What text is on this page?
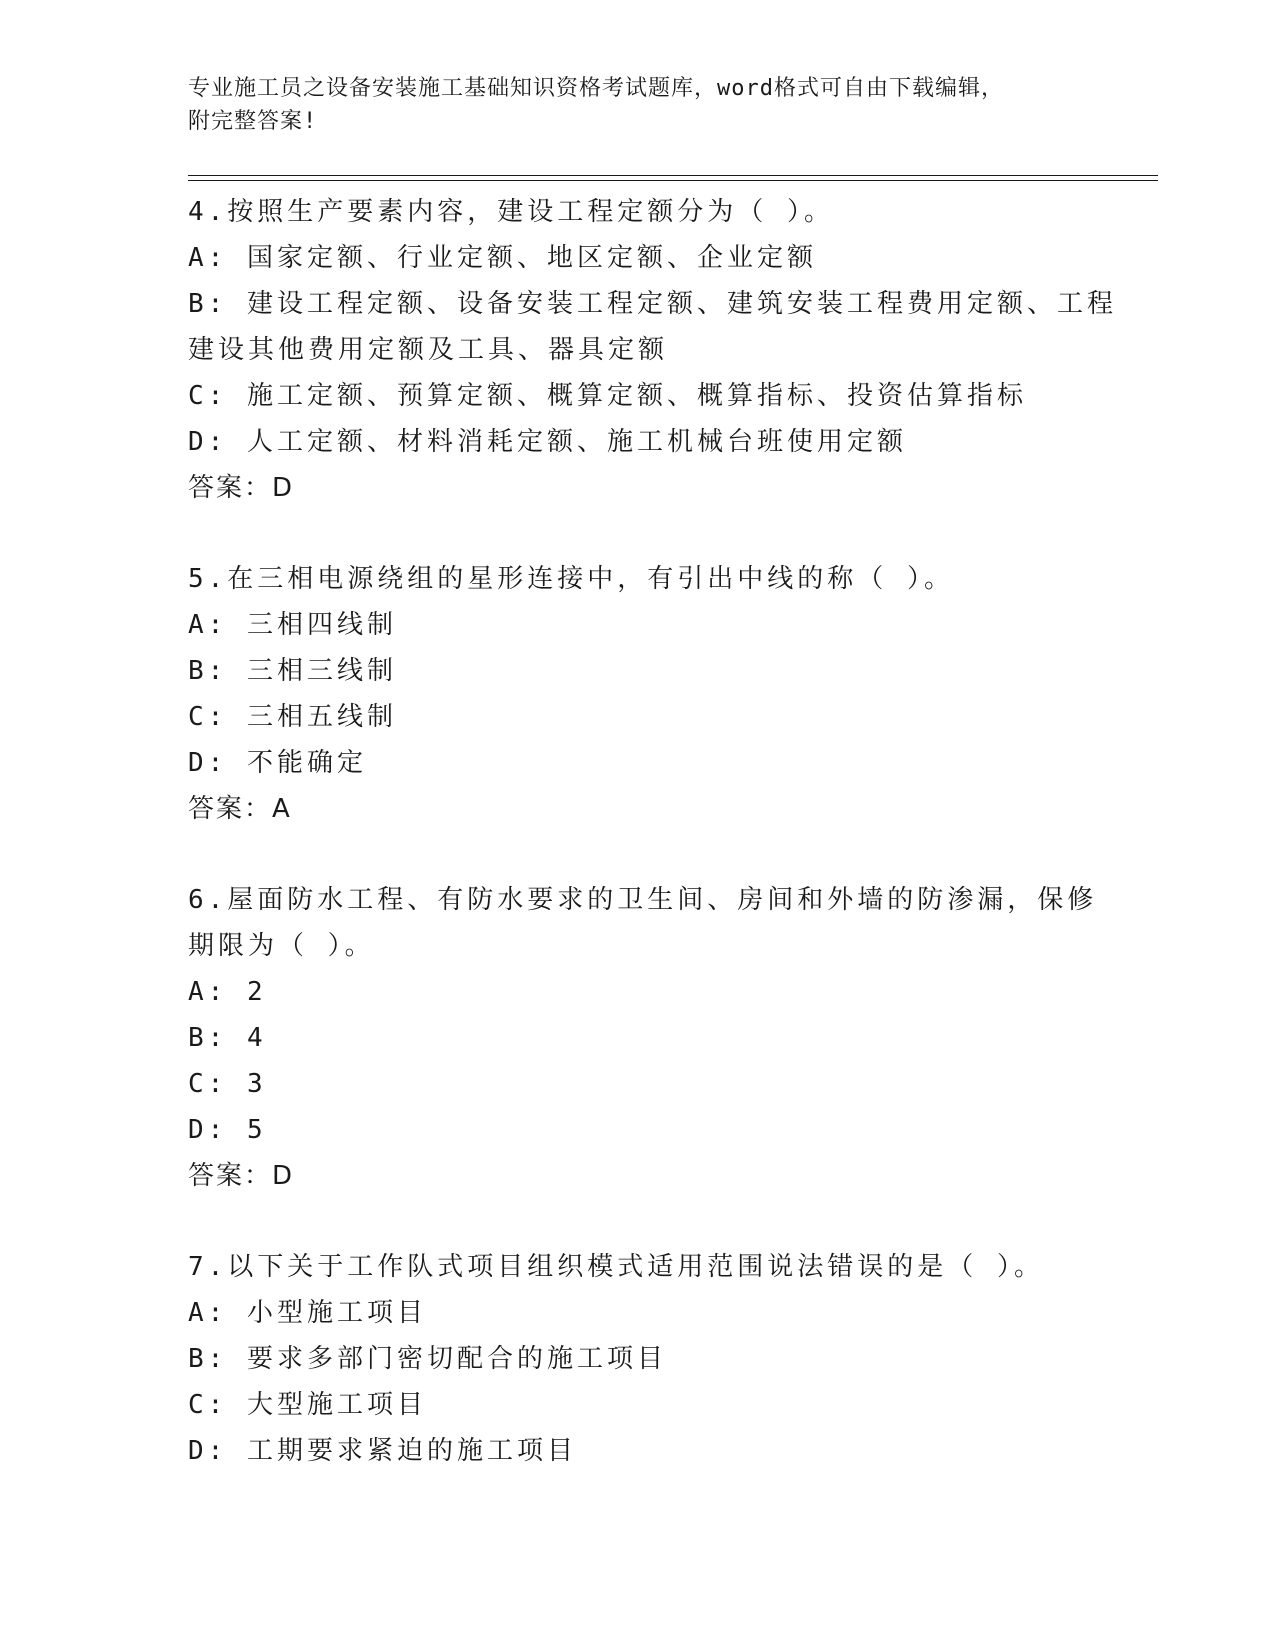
专业施工员之设备安装施工基础知识资格考试题库，word格式可自由下载编辑，

附完整答案!

4.按照生产要素内容，建设工程定额分为（ ）。

A: 国家定额、行业定额、地区定额、企业定额

B: 建设工程定额、设备安装工程定额、建筑安装工程费用定额、工程

建设其他费用定额及工具、器具定额

C: 施工定额、预算定额、概算定额、概算指标、投资估算指标

D: 人工定额、材料消耗定额、施工机械台班使用定额

答案：D

5.在三相电源绕组的星形连接中，有引出中线的称（ ）。

A: 三相四线制

B: 三相三线制

C: 三相五线制

D: 不能确定

答案：A

6.屋面防水工程、有防水要求的卫生间、房间和外墙的防渗漏，保修

期限为（ ）。

A: 2

B: 4

C: 3

D: 5

答案：D

7.以下关于工作队式项目组织模式适用范围说法错误的是（ ）。

A: 小型施工项目

B: 要求多部门密切配合的施工项目

C: 大型施工项目

D: 工期要求紧迫的施工项目
